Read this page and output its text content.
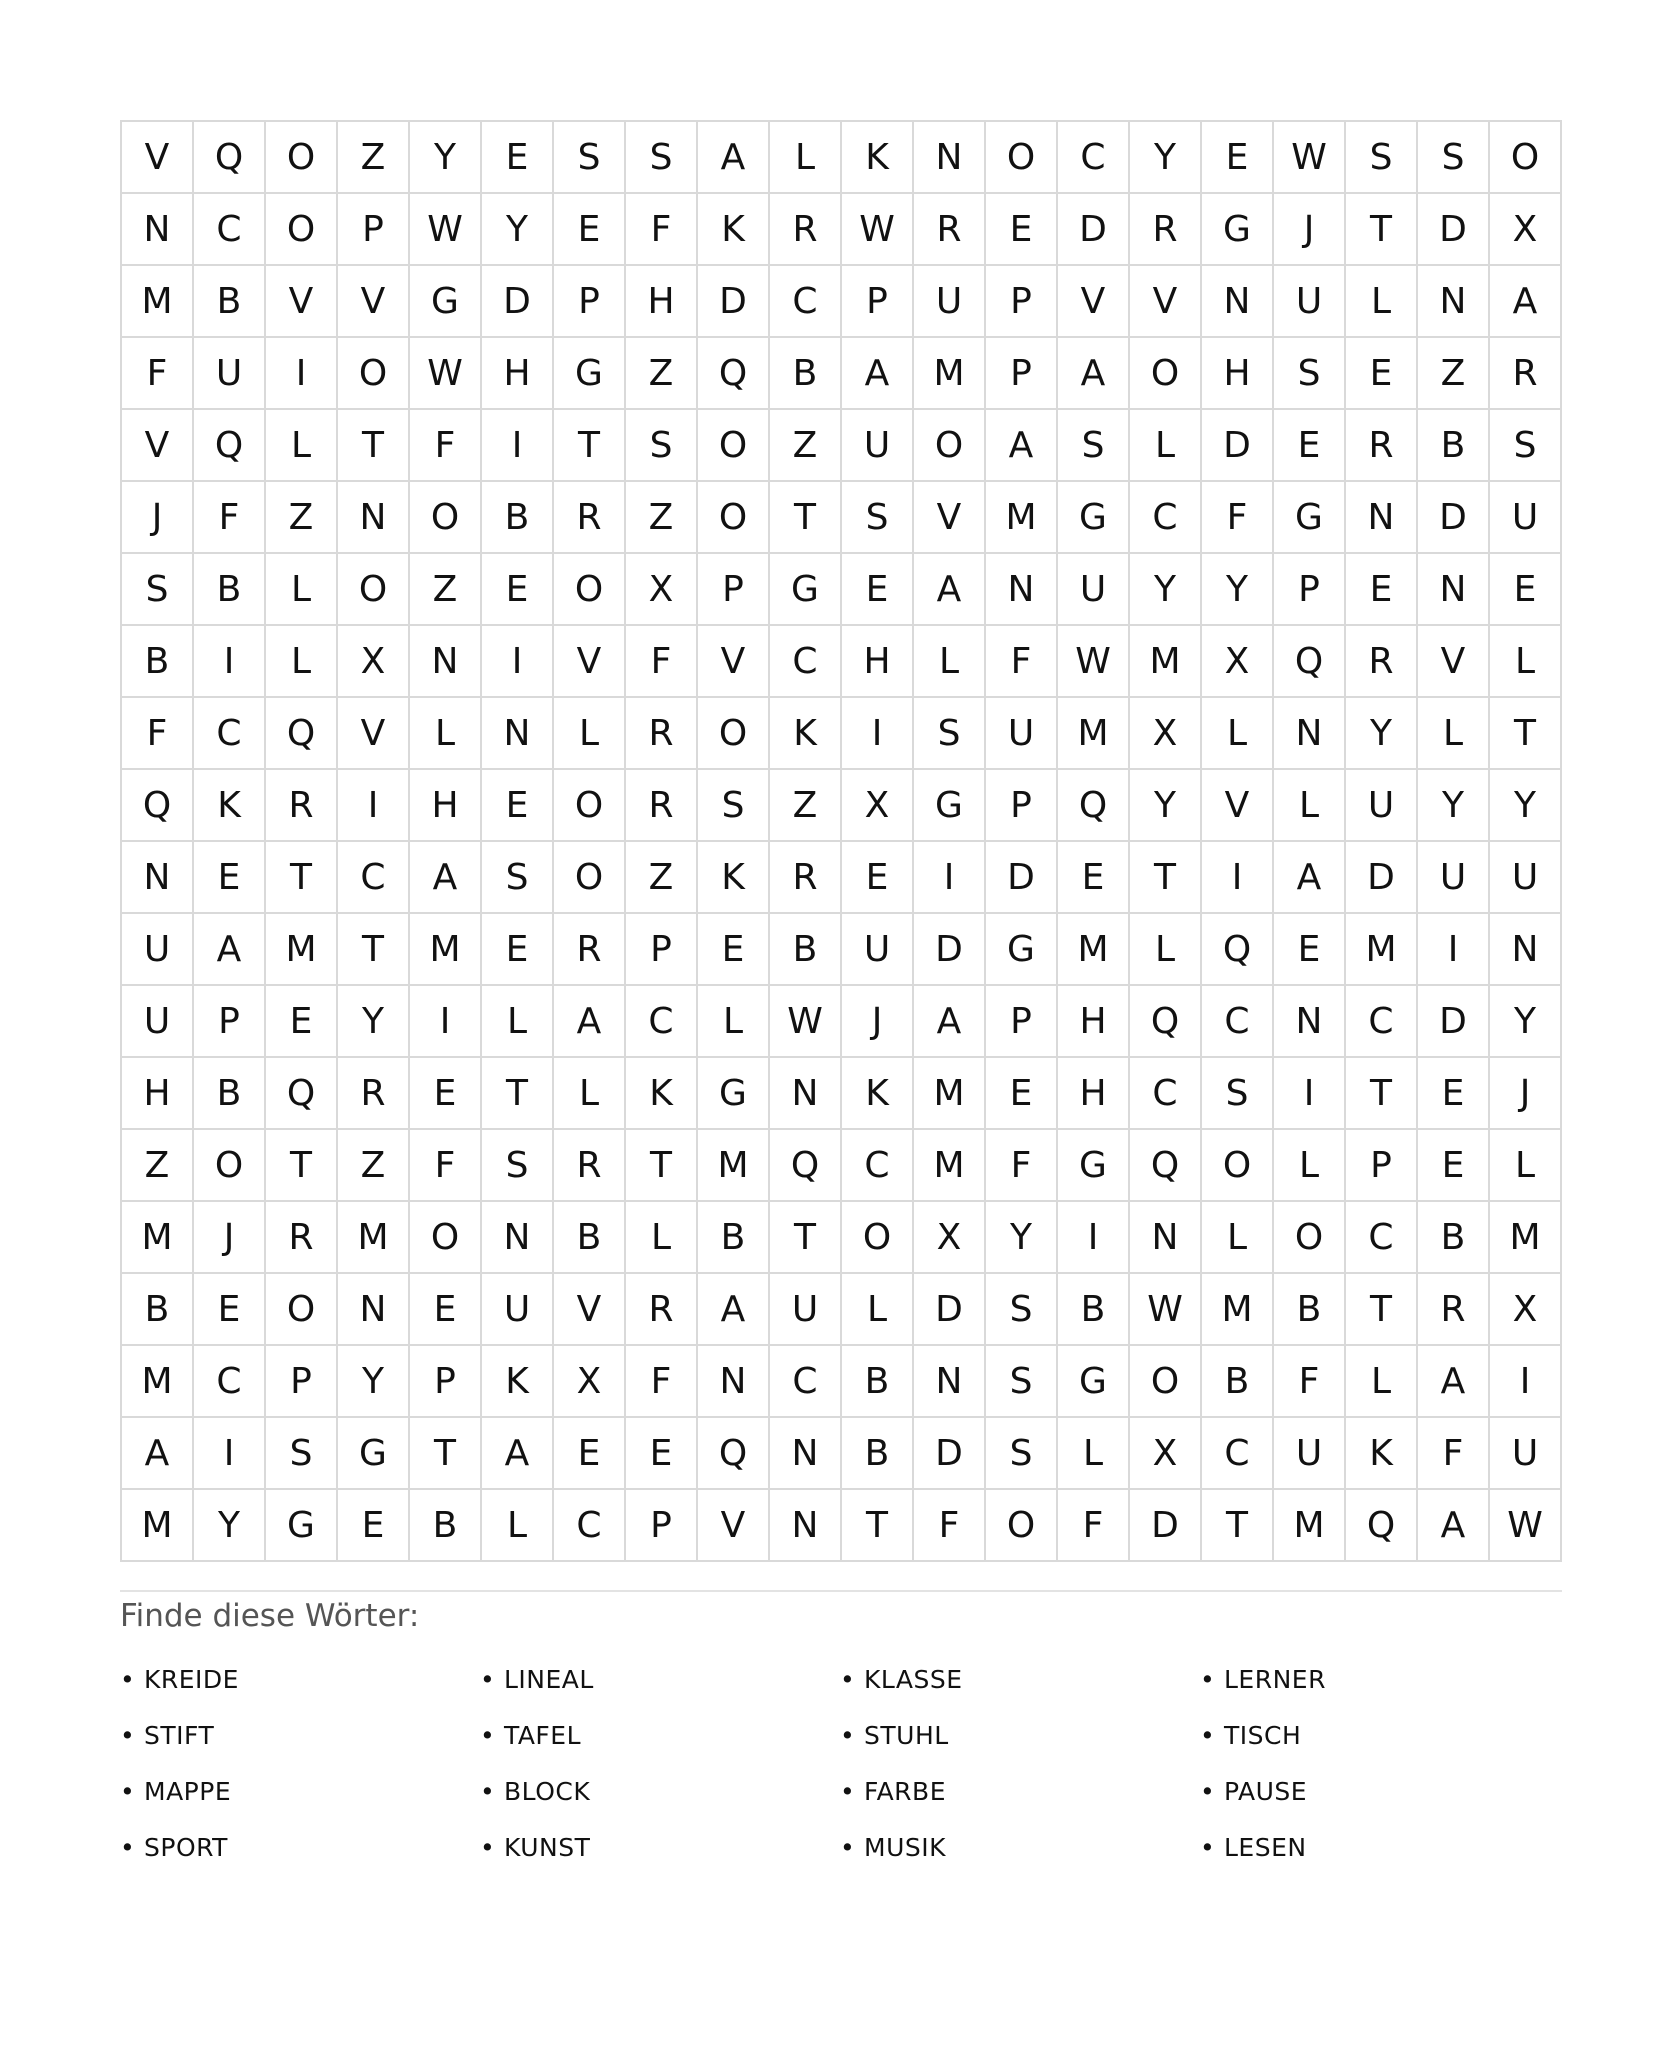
V	Q	O	Z	Y	E	S	S	A	L	K	N	O	C	Y	E	W	S	S	O
N	C	O	P	W	Y	E	F	K	R	W	R	E	D	R	G	J	T	D	X
M	B	V	V	G	D	P	H	D	C	P	U	P	V	V	N	U	L	N	A
F	U	I	O	W	H	G	Z	Q	B	A	M	P	A	O	H	S	E	Z	R
V	Q	L	T	F	I	T	S	O	Z	U	O	A	S	L	D	E	R	B	S
J	F	Z	N	O	B	R	Z	O	T	S	V	M	G	C	F	G	N	D	U
S	B	L	O	Z	E	O	X	P	G	E	A	N	U	Y	Y	P	E	N	E
B	I	L	X	N	I	V	F	V	C	H	L	F	W	M	X	Q	R	V	L
F	C	Q	V	L	N	L	R	O	K	I	S	U	M	X	L	N	Y	L	T
Q	K	R	I	H	E	O	R	S	Z	X	G	P	Q	Y	V	L	U	Y	Y
N	E	T	C	A	S	O	Z	K	R	E	I	D	E	T	I	A	D	U	U
U	A	M	T	M	E	R	P	E	B	U	D	G	M	L	Q	E	M	I	N
U	P	E	Y	I	L	A	C	L	W	J	A	P	H	Q	C	N	C	D	Y
H	B	Q	R	E	T	L	K	G	N	K	M	E	H	C	S	I	T	E	J
Z	O	T	Z	F	S	R	T	M	Q	C	M	F	G	Q	O	L	P	E	L
M	J	R	M	O	N	B	L	B	T	O	X	Y	I	N	L	O	C	B	M
B	E	O	N	E	U	V	R	A	U	L	D	S	B	W	M	B	T	R	X
M	C	P	Y	P	K	X	F	N	C	B	N	S	G	O	B	F	L	A	I
A	I	S	G	T	A	E	E	Q	N	B	D	S	L	X	C	U	K	F	U
M	Y	G	E	B	L	C	P	V	N	T	F	O	F	D	T	M	Q	A	W
Finde diese Wörter:
• KREIDE	• LINEAL	• KLASSE	• LERNER
• STIFT	• TAFEL	• STUHL	• TISCH
• MAPPE	• BLOCK	• FARBE	• PAUSE
• SPORT	• KUNST	• MUSIK	• LESEN
